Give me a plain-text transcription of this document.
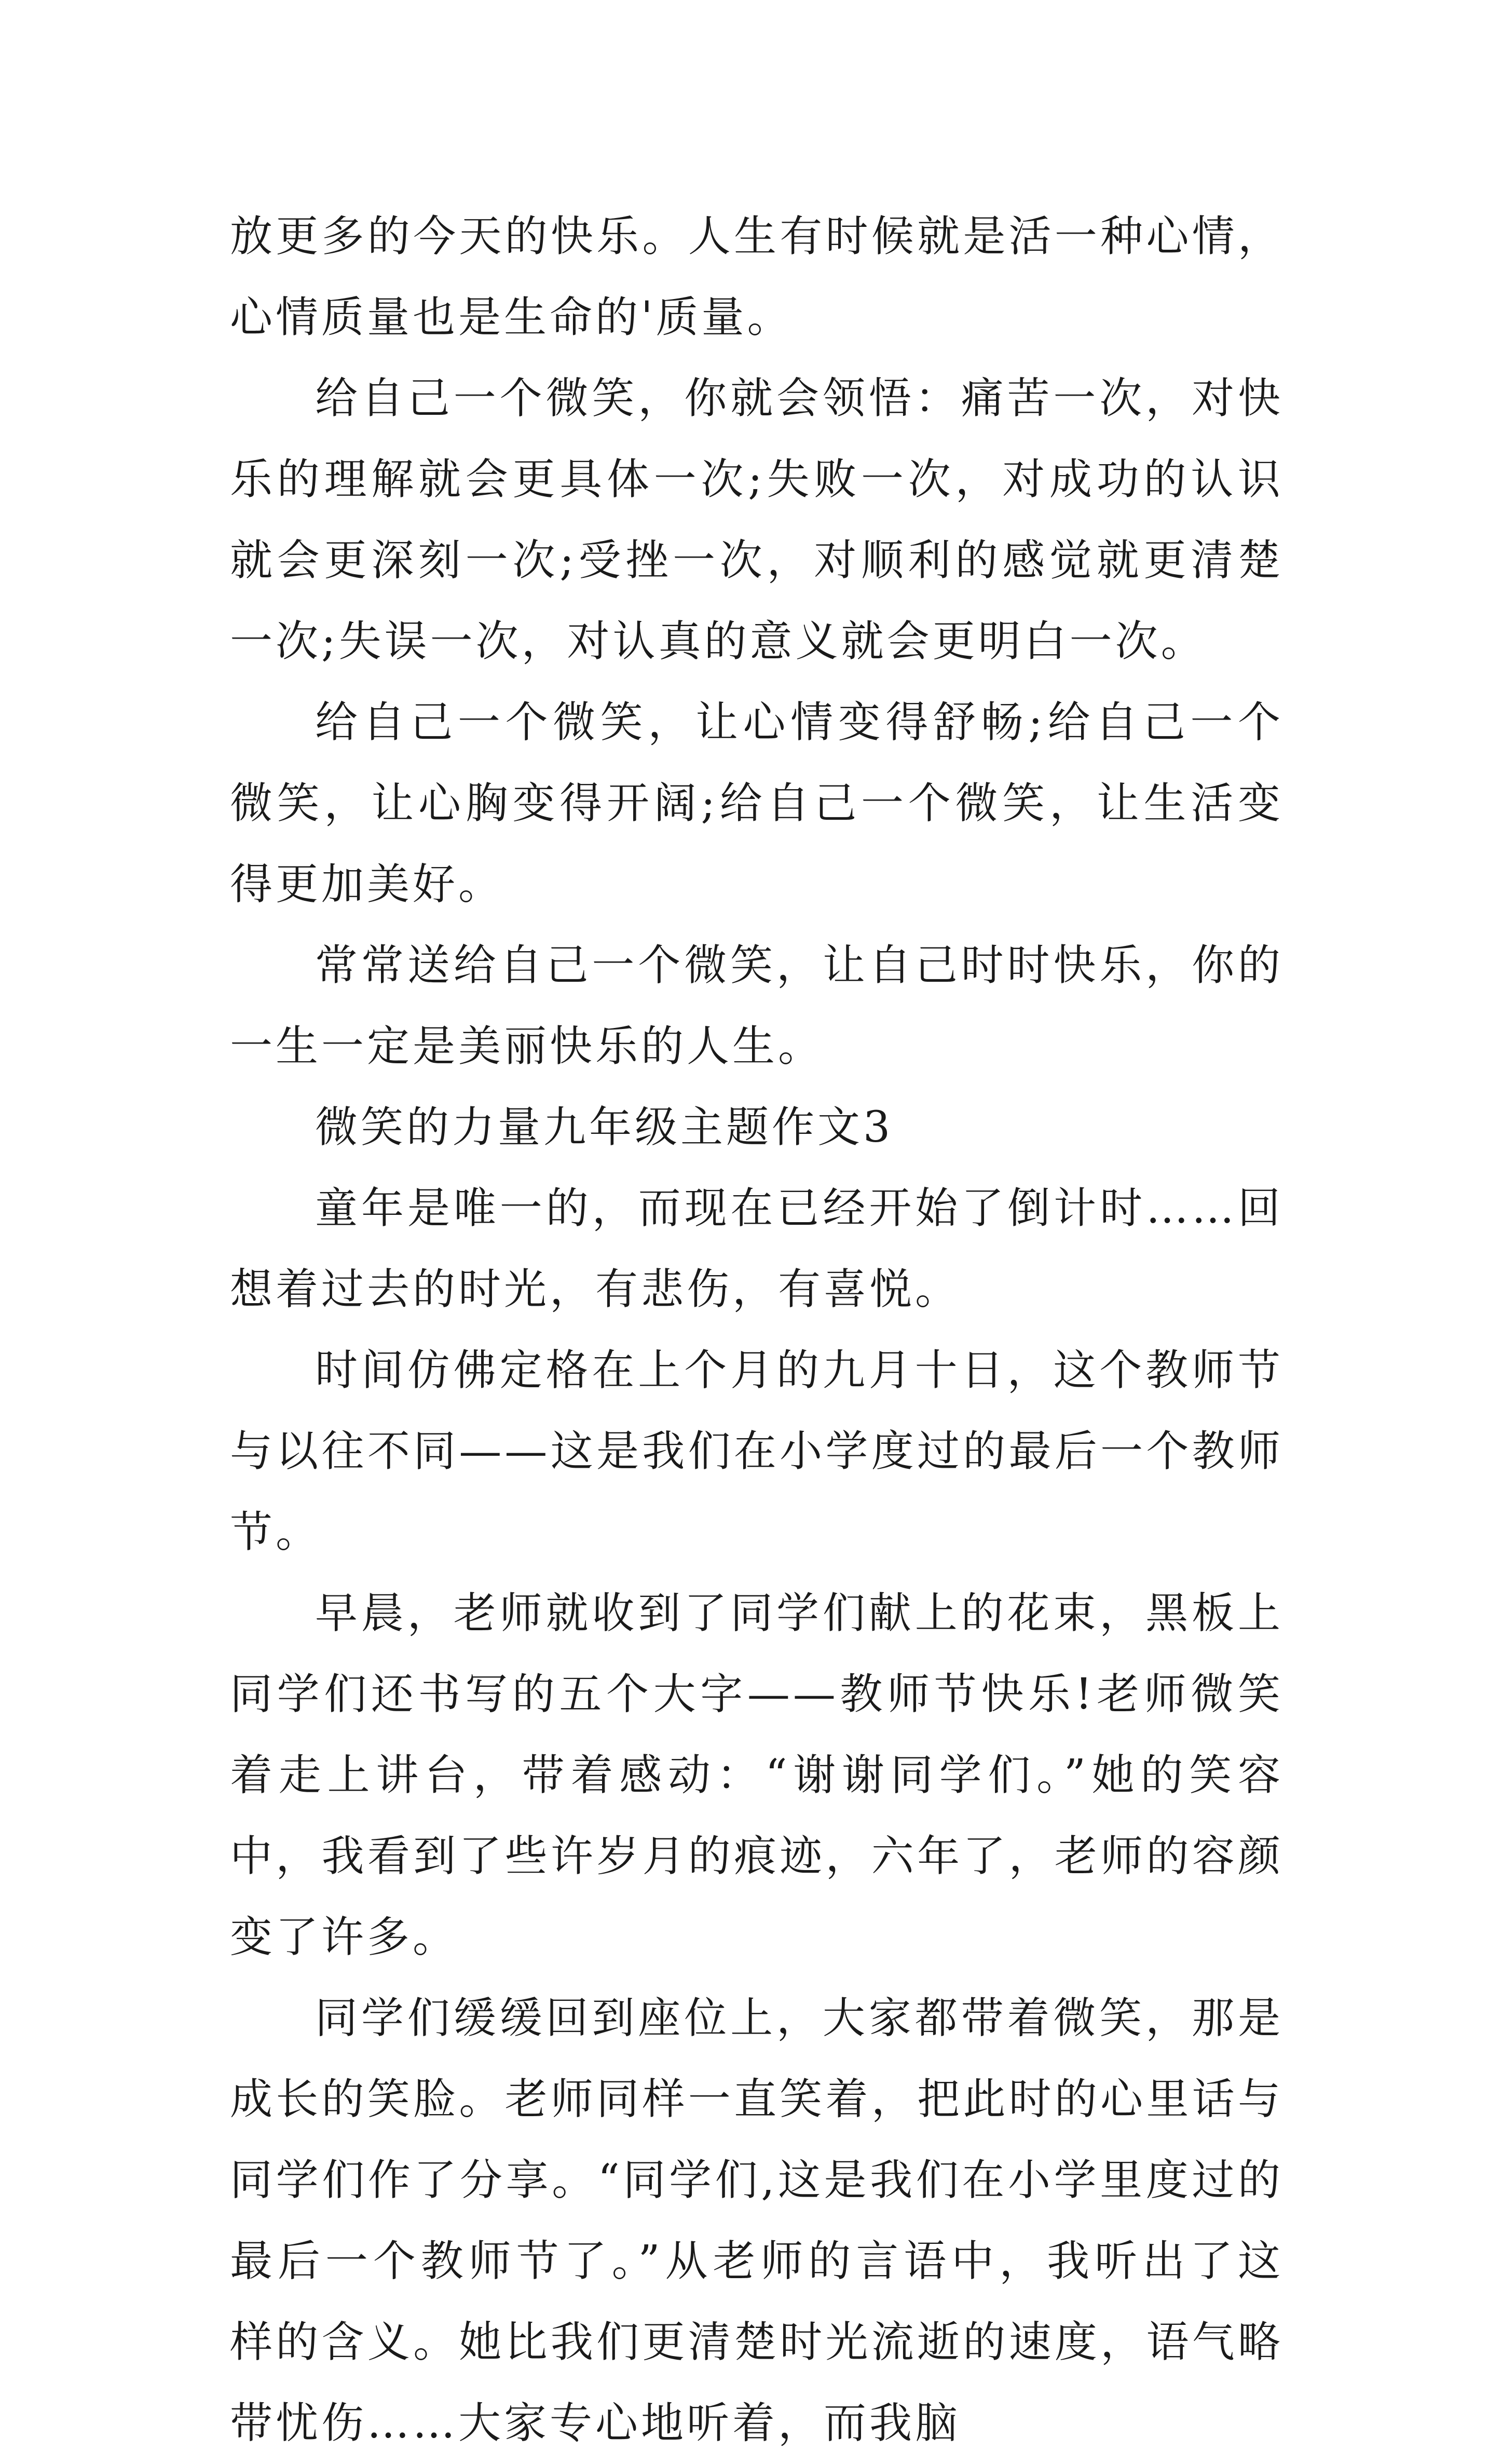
放更多的今天的快乐。人生有时候就是活一种心情，心情质量也是生命的'质量。

给自己一个微笑，你就会领悟：痛苦一次，对快乐的理解就会更具体一次;失败一次，对成功的认识就会更深刻一次;受挫一次，对顺利的感觉就更清楚一次;失误一次，对认真的意义就会更明白一次。

给自己一个微笑，让心情变得舒畅;给自己一个微笑，让心胸变得开阔;给自己一个微笑，让生活变得更加美好。

常常送给自己一个微笑，让自己时时快乐，你的一生一定是美丽快乐的人生。

微笑的力量九年级主题作文3

童年是唯一的，而现在已经开始了倒计时……回想着过去的时光，有悲伤，有喜悦。

时间仿佛定格在上个月的九月十日，这个教师节与以往不同——这是我们在小学度过的最后一个教师节。

早晨，老师就收到了同学们献上的花束，黑板上同学们还书写的五个大字——教师节快乐!老师微笑着走上讲台，带着感动：“谢谢同学们。”她的笑容中，我看到了些许岁月的痕迹，六年了，老师的容颜变了许多。

同学们缓缓回到座位上，大家都带着微笑，那是成长的笑脸。老师同样一直笑着，把此时的心里话与同学们作了分享。“同学们,这是我们在小学里度过的最后一个教师节了。”从老师的言语中，我听出了这样的含义。她比我们更清楚时光流逝的速度，语气略带忧伤……大家专心地听着，而我脑
